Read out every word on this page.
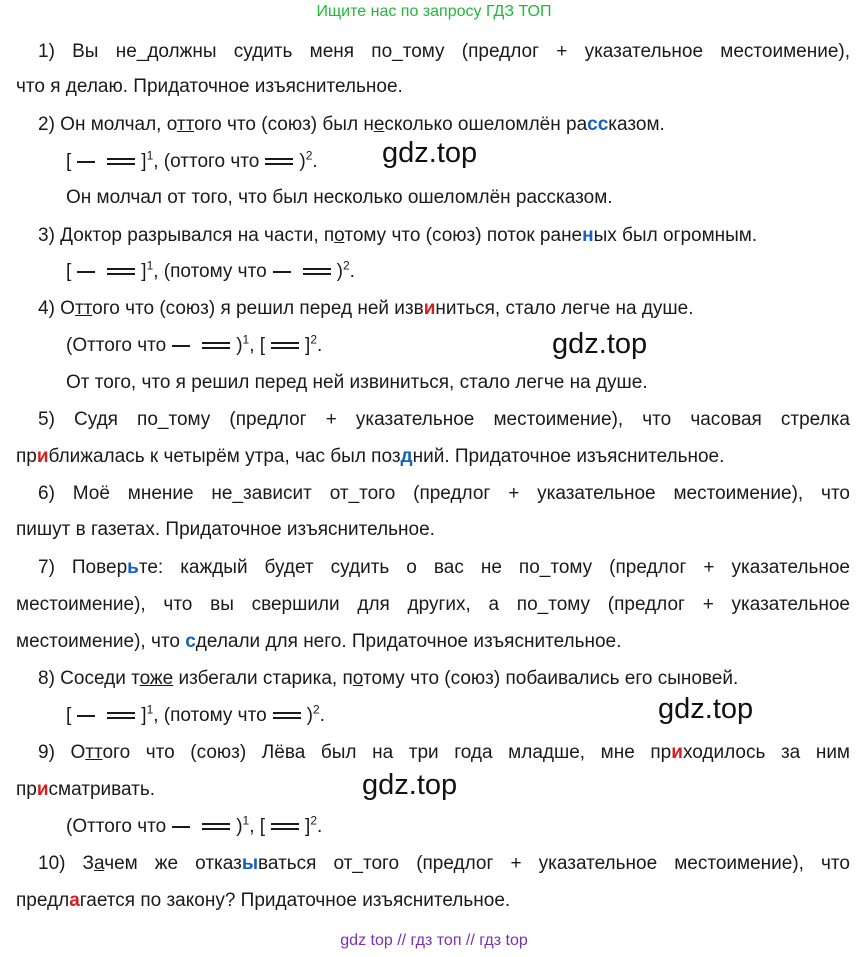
Ищите нас по запросу ГДЗ ТОП
1) Вы не_должны судить меня по_тому (предлог + указательное местоимение),
что я делаю. Придаточное изъяснительное.
2) Он молчал, оттого что (союз) был несколько ошеломлён рассказом.
[	]$^1$, (оттого что )$^2$. gdz.top
Он молчал от того, что был несколько ошеломлён рассказом.
3) Доктор разрывался на части, потому что (союз) поток раненых был огромным.
[	]$^1$, (потому что	)$^2$.
4) Оттого что (союз) я решил перед ней извиниться, стало легче на душе.
(Оттого что	)$^1$, [ ]$^2$.	gdz.top
От того, что я решил перед ней извиниться, стало легче на душе.
5) Судя по_тому (предлог + указательное местоимение), что часовая стрелка
приближалась к четырём утра, час был поздний. Придаточное изъяснительное.
6) Моё мнение не_зависит от_того (предлог + указательное местоимение), что
пишут в газетах. Придаточное изъяснительное.
7) Поверьте: каждый будет судить о вас не по_тому (предлог + указательное
местоимение), что вы свершили для других, а по_тому (предлог + указательное
местоимение), что сделали для него. Придаточное изъяснительное.
8) Соседи тоже избегали старика, потому что (союз) побаивались его сыновей.
[	]$^1$, (потому что )$^2$.	gdz.top
9) Оттого что (союз) Лёва был на три года младше, мне приходилось за ним
присматривать.	gdz.top
(Оттого что	)$^1$, [ ]$^2$.
10) Зачем же отказываться от_того (предлог + указательное местоимение), что
предлагается по закону? Придаточное изъяснительное.
gdz top // гдз топ // гдз top
